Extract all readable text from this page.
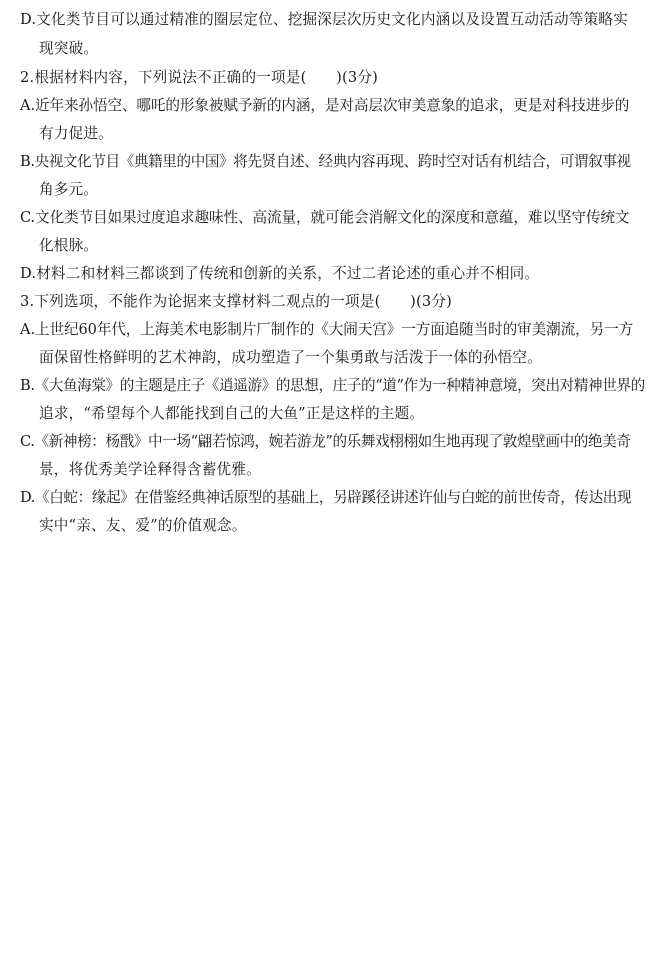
D.文化类节目可以通过精准的圈层定位、挖掘深层次历史文化内涵以及设置互动活动等策略实
现突破。
2.根据材料内容，下列说法不正确的一项是(　　)(3分)
A.近年来孙悟空、哪吒的形象被赋予新的内涵，是对高层次审美意象的追求，更是对科技进步的
有力促进。
B.央视文化节目《典籍里的中国》将先贤自述、经典内容再现、跨时空对话有机结合，可谓叙事视
角多元。
C.文化类节目如果过度追求趣味性、高流量，就可能会消解文化的深度和意蕴，难以坚守传统文
化根脉。
D.材料二和材料三都谈到了传统和创新的关系，不过二者论述的重心并不相同。
3.下列选项，不能作为论据来支撑材料二观点的一项是(　　)(3分)
A.上世纪60年代，上海美术电影制片厂制作的《大闹天宫》一方面追随当时的审美潮流，另一方
面保留性格鲜明的艺术神韵，成功塑造了一个集勇敢与活泼于一体的孙悟空。
B.《大鱼海棠》的主题是庄子《逍遥游》的思想，庄子的“道”作为一种精神意境，突出对精神世界的
追求，“希望每个人都能找到自己的大鱼”正是这样的主题。
C.《新神榜：杨戬》中一场“翩若惊鸿，婉若游龙”的乐舞戏栩栩如生地再现了敦煌壁画中的绝美奇
景，将优秀美学诠释得含蓄优雅。
D.《白蛇：缘起》在借鉴经典神话原型的基础上，另辟蹊径讲述许仙与白蛇的前世传奇，传达出现
实中“亲、友、爱”的价值观念。
